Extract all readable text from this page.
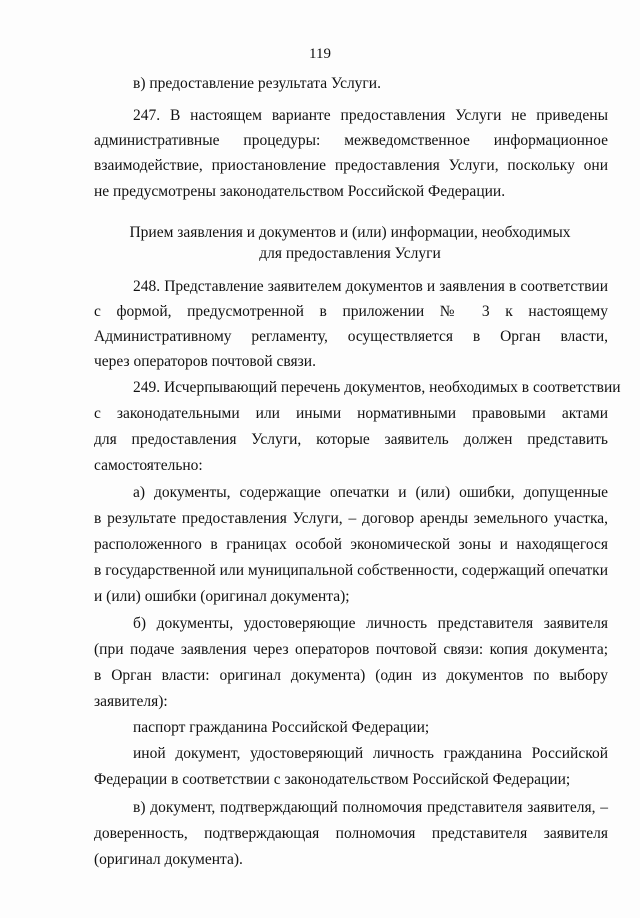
119
в) предоставление результата Услуги.
247. В настоящем варианте предоставления Услуги не приведены
административные процедуры: межведомственное информационное
взаимодействие, приостановление предоставления Услуги, поскольку они
не предусмотрены законодательством Российской Федерации.
Прием заявления и документов и (или) информации, необходимых
для предоставления Услуги
248. Представление заявителем документов и заявления в соответствии
с формой, предусмотренной в приложении № 3 к настоящему
Административному регламенту, осуществляется в Орган власти,
через операторов почтовой связи.
249. Исчерпывающий перечень документов, необходимых в соответствии
с законодательными или иными нормативными правовыми актами
для предоставления Услуги, которые заявитель должен представить
самостоятельно:
а) документы, содержащие опечатки и (или) ошибки, допущенные
в результате предоставления Услуги, – договор аренды земельного участка,
расположенного в границах особой экономической зоны и находящегося
в государственной или муниципальной собственности, содержащий опечатки
и (или) ошибки (оригинал документа);
б) документы, удостоверяющие личность представителя заявителя
(при подаче заявления через операторов почтовой связи: копия документа;
в Орган власти: оригинал документа) (один из документов по выбору
заявителя):
паспорт гражданина Российской Федерации;
иной документ, удостоверяющий личность гражданина Российской
Федерации в соответствии с законодательством Российской Федерации;
в) документ, подтверждающий полномочия представителя заявителя, –
доверенность, подтверждающая полномочия представителя заявителя
(оригинал документа).
